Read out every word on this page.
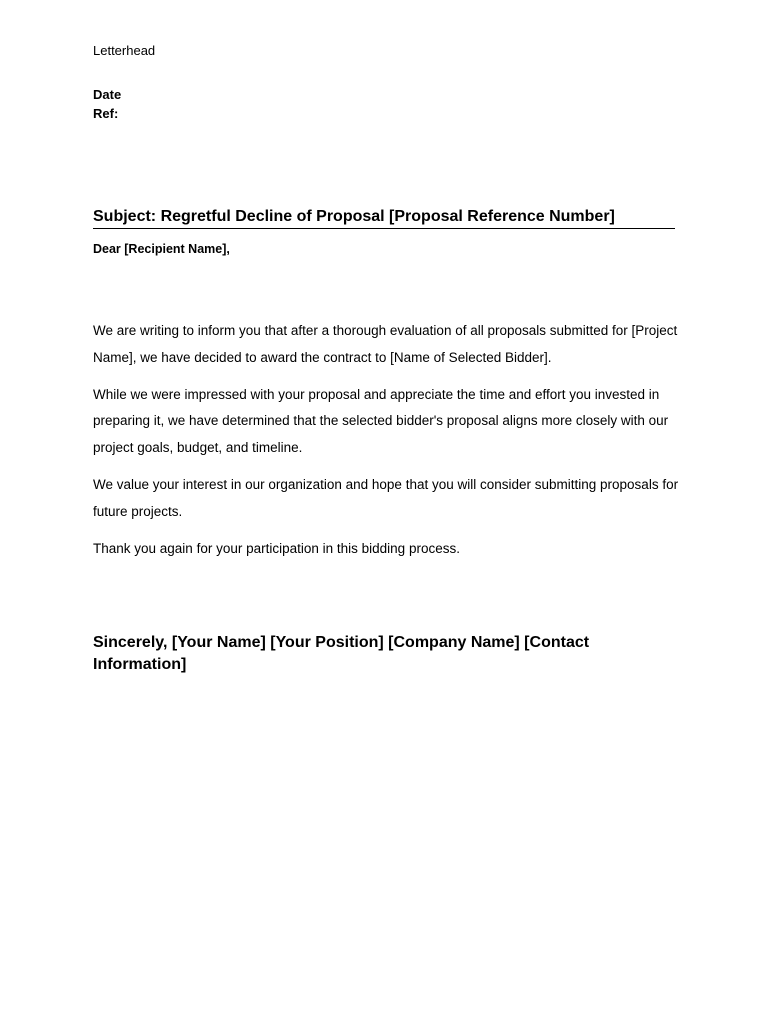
Letterhead
Date
Ref:
Subject: Regretful Decline of Proposal [Proposal Reference Number]
Dear [Recipient Name],

We are writing to inform you that after a thorough evaluation of all proposals submitted for [Project Name], we have decided to award the contract to [Name of Selected Bidder].

While we were impressed with your proposal and appreciate the time and effort you invested in preparing it, we have determined that the selected bidder's proposal aligns more closely with our project goals, budget, and timeline.

We value your interest in our organization and hope that you will consider submitting proposals for future projects.

Thank you again for your participation in this bidding process.

Sincerely, [Your Name] [Your Position] [Company Name] [Contact Information]
